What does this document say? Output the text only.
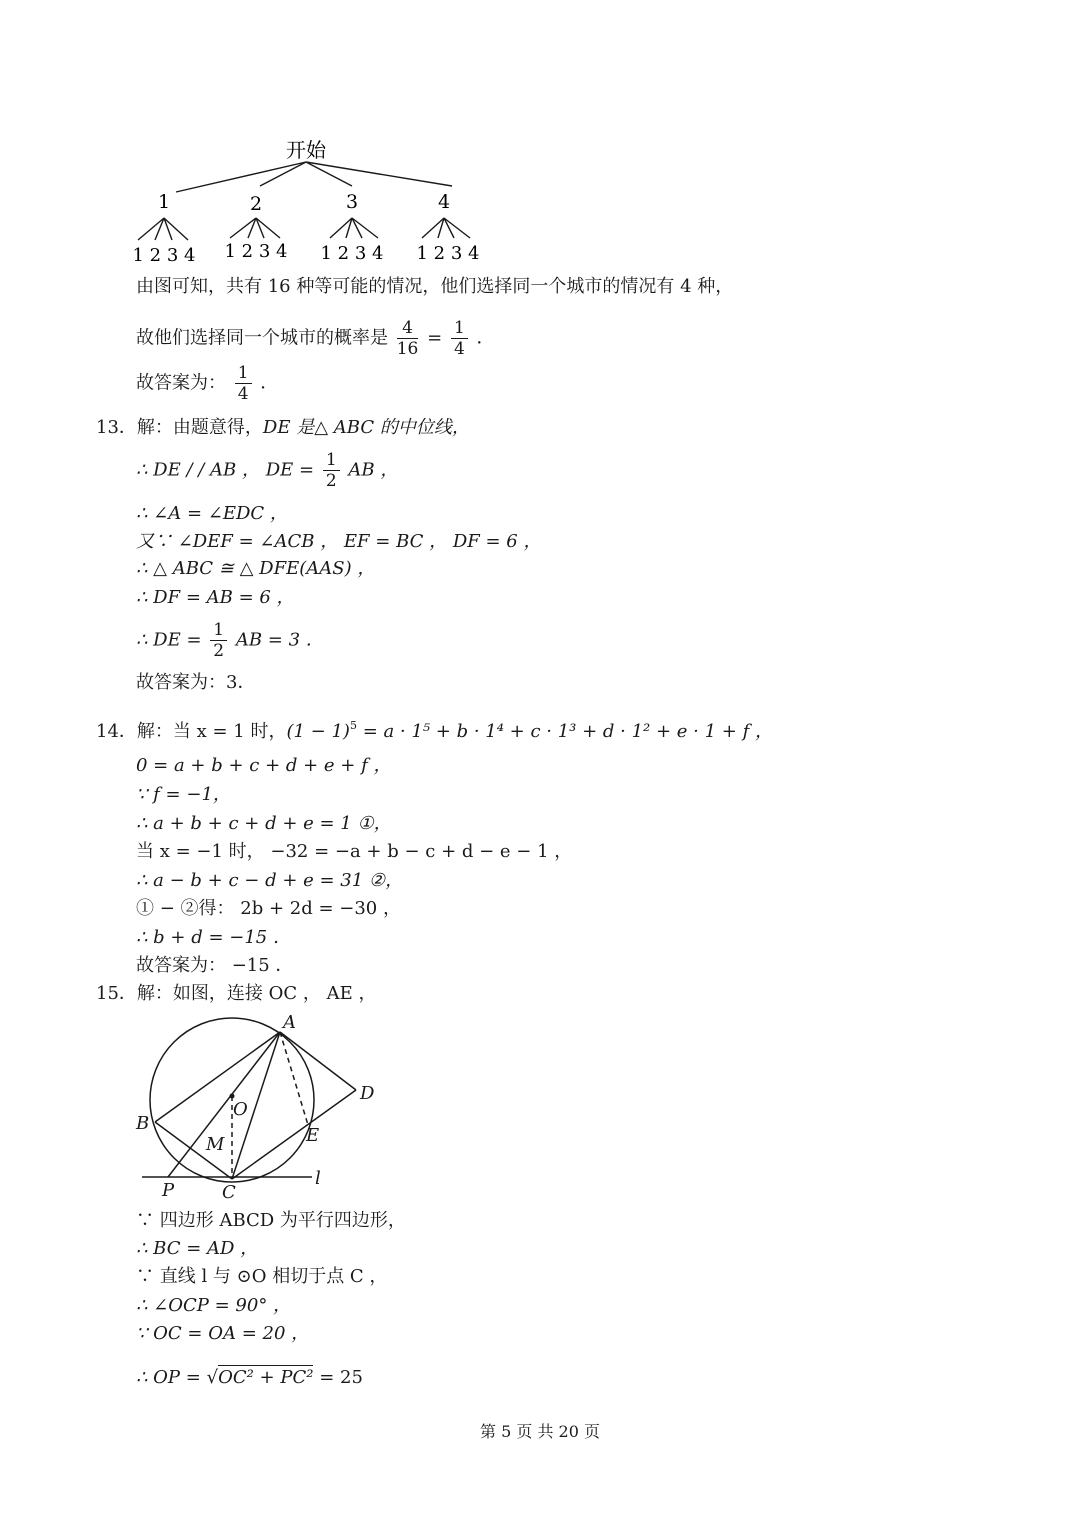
开始
1	2	3	4
1 2 3 4 1 2 3 4 1 2 3 4 1 2 3 4
由图可知，共有 16 种等可能的情况，他们选择同一个城市的情况有 4 种，
故他们选择同一个城市的概率是 $\frac{4}{16} = \frac{1}{4}$ ．
故答案为： $\frac{1}{4}$ ．
13．解：由题意得，DE 是△ ABC 的中位线，
∴ DE / / AB ， DE = $\frac{1}{2}$ AB ，
∴ ∠A = ∠EDC ，
又∵ ∠DEF = ∠ACB ， EF = BC ， DF = 6 ，
∴ △ ABC ≅ △ DFE(AAS) ，
∴ DF = AB = 6 ，
∴ DE = $\frac{1}{2}$ AB = 3 ．
故答案为：3．
14．解：当 x = 1 时，$(1 - 1)^5 = a \cdot 1^5 + b \cdot 1^4 + c \cdot 1^3 + d \cdot 1^2 + e \cdot 1 + f$ ，
0 = a + b + c + d + e + f ，
∵ f = −1，
∴ a + b + c + d + e = 1 ①，
当 x = −1 时， −32 = −a + b − c + d − e − 1 ，
∴ a − b + c − d + e = 31 ②，
① − ②得： 2b + 2d = −30 ，
∴ b + d = −15 ．
故答案为： −15 ．
15．解：如图，连接 OC ， AE ，
A
B
C
D
E
O
M
P
l
∵ 四边形 ABCD 为平行四边形，
∴ BC = AD ，
∵ 直线 l 与 ⊙O 相切于点 C ，
∴ ∠OCP = 90° ，
∵ OC = OA = 20 ，
∴ OP = √OC² + PC² = 25
第 5 页 共 20 页
